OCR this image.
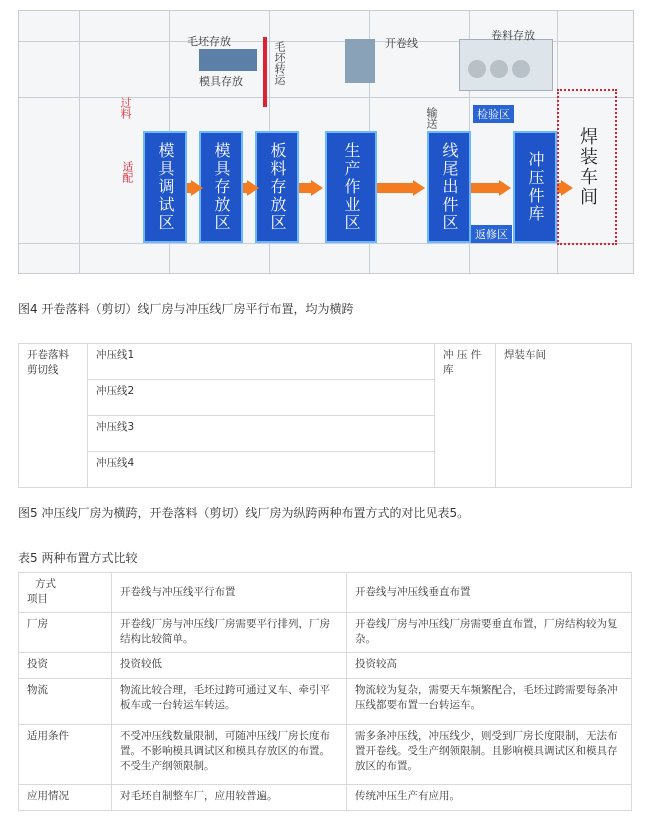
毛坯存放
模具存放	毛坯转运	开卷线
卷料存放
过料
模具调试区	模具存放区	板料存放区	生产作业区	线尾出件区	冲压件库
检验区
返修区
输送
适配	焊装车间
图4 开卷落料（剪切）线厂房与冲压线厂房平行布置，均为横跨
开卷落料剪切线	冲压线1	冲 压 件 库	焊装车间
冲压线2
冲压线3
冲压线4
图5 冲压线厂房为横跨，开卷落料（剪切）线厂房为纵跨两种布置方式的对比见表5。
表5 两种布置方式比较
方式
项目	开卷线与冲压线平行布置	开卷线与冲压线垂直布置
厂房	开卷线厂房与冲压线厂房需要平行排列，厂房结构比较简单。	开卷线厂房与冲压线厂房需要垂直布置，厂房结构较为复杂。
投资	投资较低	投资较高
物流	物流比较合理，毛坯过跨可通过叉车、牵引平板车或一台转运车转运。	物流较为复杂，需要天车频繁配合，毛坯过跨需要每条冲压线都要布置一台转运车。
适用条件	不受冲压线数量限制，可随冲压线厂房长度布置。不影响模具调试区和模具存放区的布置。不受生产纲领限制。	需多条冲压线，冲压线少，则受到厂房长度限制，无法布置开卷线。受生产纲领限制。且影响模具调试区和模具存放区的布置。
应用情况	对毛坯自制整车厂，应用较普遍。	传统冲压生产有应用。
